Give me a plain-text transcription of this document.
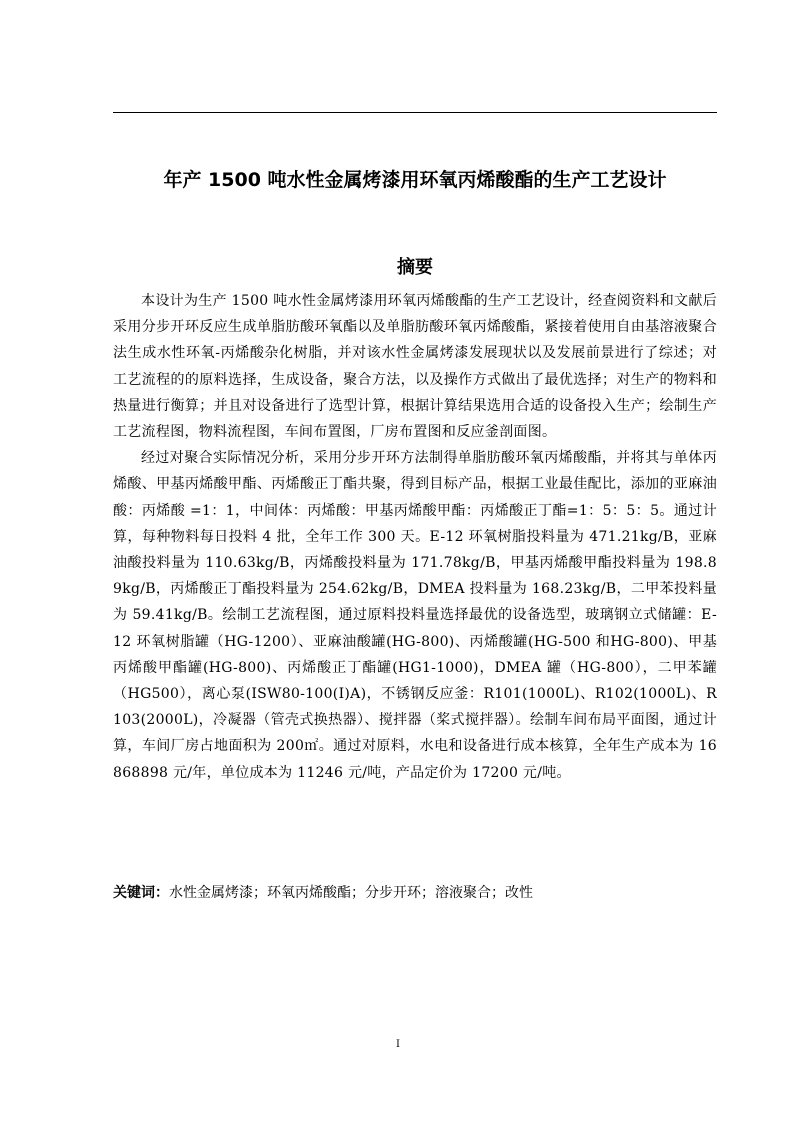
年产 1500 吨水性金属烤漆用环氧丙烯酸酯的生产工艺设计
摘要

本设计为生产 1500 吨水性金属烤漆用环氧丙烯酸酯的生产工艺设计，经查阅资料和文献后采用分步开环反应生成单脂肪酸环氧酯以及单脂肪酸环氧丙烯酸酯，紧接着使用自由基溶液聚合法生成水性环氧-丙烯酸杂化树脂，并对该水性金属烤漆发展现状以及发展前景进行了综述；对工艺流程的的原料选择，生成设备，聚合方法，以及操作方式做出了最优选择；对生产的物料和热量进行衡算；并且对设备进行了选型计算，根据计算结果选用合适的设备投入生产；绘制生产工艺流程图，物料流程图，车间布置图，厂房布置图和反应釜剖面图。

经过对聚合实际情况分析，采用分步开环方法制得单脂肪酸环氧丙烯酸酯，并将其与单体丙烯酸、甲基丙烯酸甲酯、丙烯酸正丁酯共聚，得到目标产品，根据工业最佳配比，添加的亚麻油酸：丙烯酸 =1：1，中间体：丙烯酸：甲基丙烯酸甲酯：丙烯酸正丁酯=1：5：5：5。通过计算，每种物料每日投料 4 批，全年工作 300 天。E-12 环氧树脂投料量为 471.21kg/B，亚麻油酸投料量为 110.63kg/B，丙烯酸投料量为 171.78kg/B，甲基丙烯酸甲酯投料量为 198.89kg/B，丙烯酸正丁酯投料量为 254.62kg/B，DMEA 投料量为 168.23kg/B，二甲苯投料量为 59.41kg/B。绘制工艺流程图，通过原料投料量选择最优的设备选型，玻璃钢立式储罐：E-12 环氧树脂罐（HG-1200）、亚麻油酸罐(HG-800)、丙烯酸罐(HG-500 和HG-800)、甲基丙烯酸甲酯罐(HG-800)、丙烯酸正丁酯罐(HG1-1000)，DMEA 罐（HG-800），二甲苯罐（HG500），离心泵(ISW80-100(I)A)，不锈钢反应釜：R101(1000L)、R102(1000L)、R103(2000L)，冷凝器（管壳式换热器）、搅拌器（桨式搅拌器）。绘制车间布局平面图，通过计算，车间厂房占地面积为 200㎡。通过对原料，水电和设备进行成本核算，全年生产成本为 16868898 元/年，单位成本为 11246 元/吨，产品定价为 17200 元/吨。

关键词：水性金属烤漆；环氧丙烯酸酯；分步开环；溶液聚合；改性

I
